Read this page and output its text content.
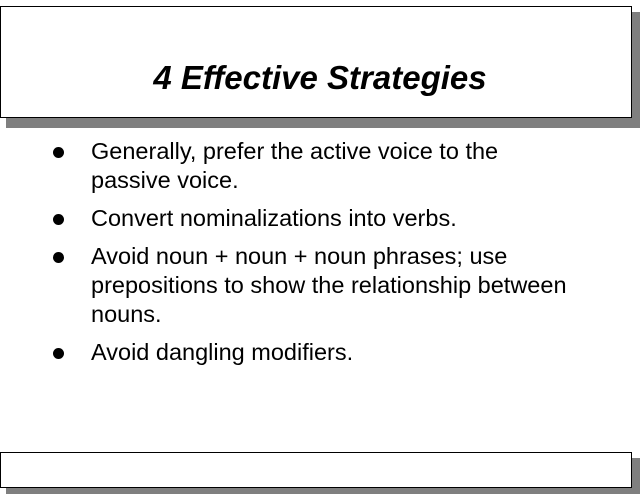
4 Effective Strategies
Generally, prefer the active voice to the passive voice.
Convert nominalizations into verbs.
Avoid noun + noun + noun phrases; use prepositions to show the relationship between nouns.
Avoid dangling modifiers.
